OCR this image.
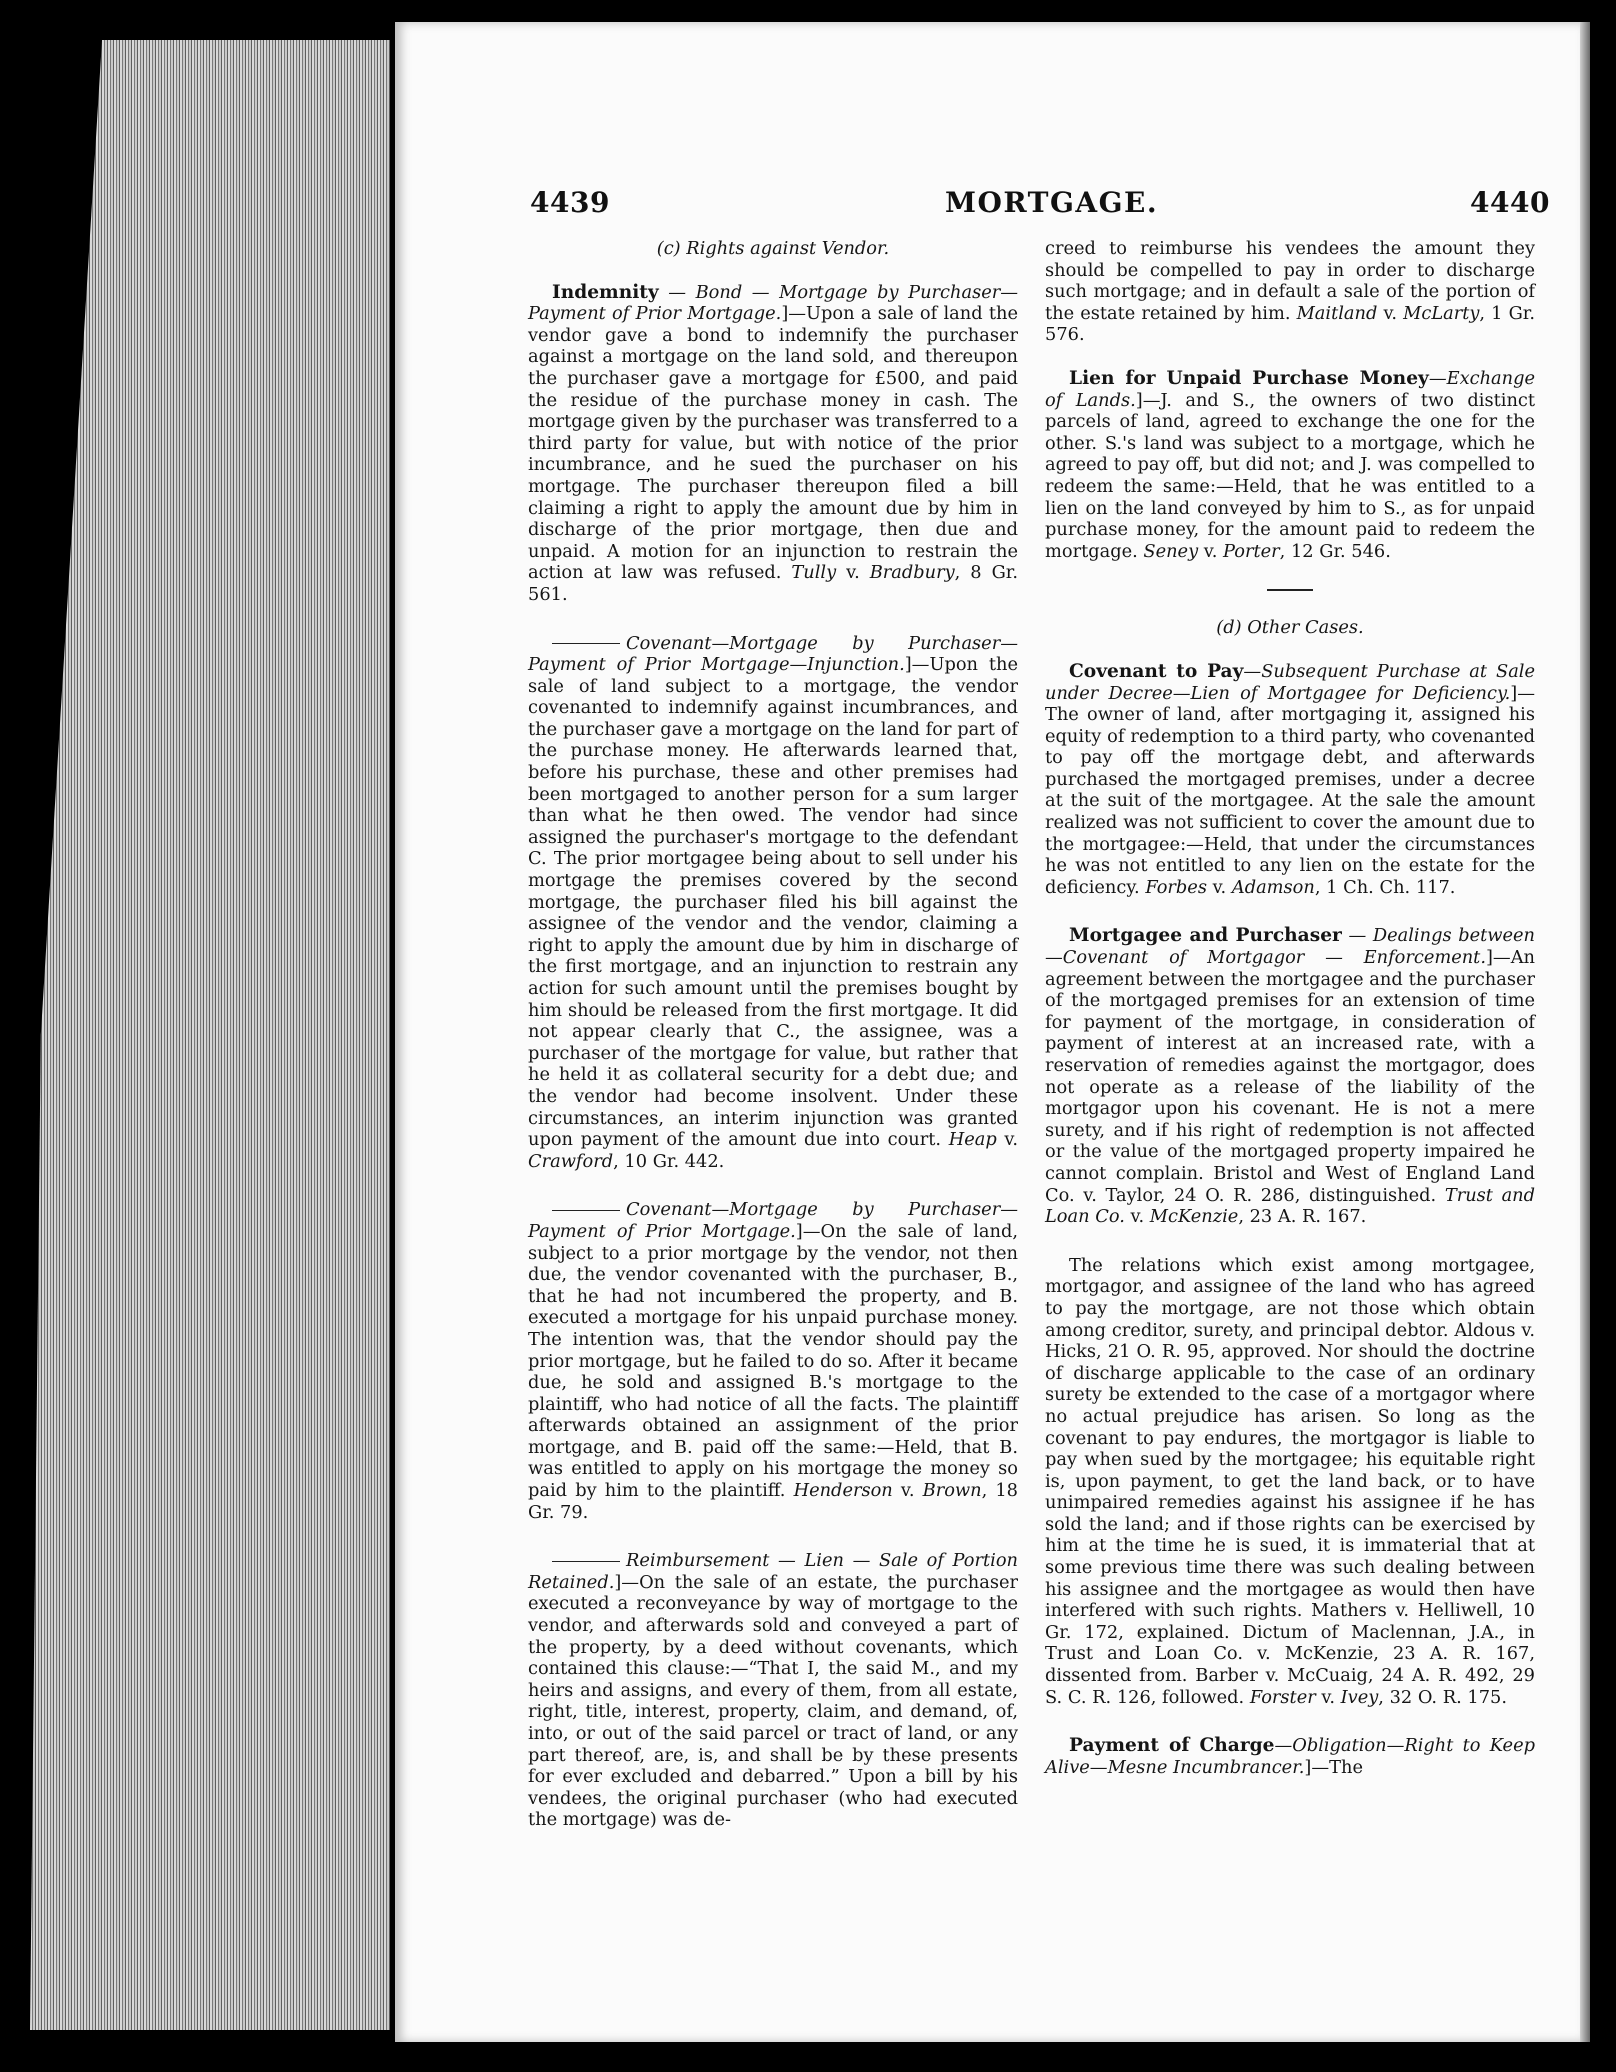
4439	MORTGAGE.	4440

(c) Rights against Vendor.

Indemnity — Bond — Mortgage by Purchaser—Payment of Prior Mortgage.]—Upon a sale of land the vendor gave a bond to indemnify the purchaser against a mortgage on the land sold, and thereupon the purchaser gave a mortgage for £500, and paid the residue of the purchase money in cash. The mortgage given by the purchaser was transferred to a third party for value, but with notice of the prior incumbrance, and he sued the purchaser on his mortgage. The purchaser thereupon filed a bill claiming a right to apply the amount due by him in discharge of the prior mortgage, then due and unpaid. A motion for an injunction to restrain the action at law was refused. Tully v. Bradbury, 8 Gr. 561.

Covenant—Mortgage by Purchaser—Payment of Prior Mortgage—Injunction.]—Upon the sale of land subject to a mortgage, the vendor covenanted to indemnify against incumbrances, and the purchaser gave a mortgage on the land for part of the purchase money. He afterwards learned that, before his purchase, these and other premises had been mortgaged to another person for a sum larger than what he then owed. The vendor had since assigned the purchaser's mortgage to the defendant C. The prior mortgagee being about to sell under his mortgage the premises covered by the second mortgage, the purchaser filed his bill against the assignee of the vendor and the vendor, claiming a right to apply the amount due by him in discharge of the first mortgage, and an injunction to restrain any action for such amount until the premises bought by him should be released from the first mortgage. It did not appear clearly that C., the assignee, was a purchaser of the mortgage for value, but rather that he held it as collateral security for a debt due; and the vendor had become insolvent. Under these circumstances, an interim injunction was granted upon payment of the amount due into court. Heap v. Crawford, 10 Gr. 442.

Covenant—Mortgage by Purchaser—Payment of Prior Mortgage.]—On the sale of land, subject to a prior mortgage by the vendor, not then due, the vendor covenanted with the purchaser, B., that he had not incumbered the property, and B. executed a mortgage for his unpaid purchase money. The intention was, that the vendor should pay the prior mortgage, but he failed to do so. After it became due, he sold and assigned B.'s mortgage to the plaintiff, who had notice of all the facts. The plaintiff afterwards obtained an assignment of the prior mortgage, and B. paid off the same:—Held, that B. was entitled to apply on his mortgage the money so paid by him to the plaintiff. Henderson v. Brown, 18 Gr. 79.

Reimbursement — Lien — Sale of Portion Retained.]—On the sale of an estate, the purchaser executed a reconveyance by way of mortgage to the vendor, and afterwards sold and conveyed a part of the property, by a deed without covenants, which contained this clause:—“That I, the said M., and my heirs and assigns, and every of them, from all estate, right, title, interest, property, claim, and demand, of, into, or out of the said parcel or tract of land, or any part thereof, are, is, and shall be by these presents for ever excluded and debarred.” Upon a bill by his vendees, the original purchaser (who had executed the mortgage) was de-

creed to reimburse his vendees the amount they should be compelled to pay in order to discharge such mortgage; and in default a sale of the portion of the estate retained by him. Maitland v. McLarty, 1 Gr. 576.

Lien for Unpaid Purchase Money—Exchange of Lands.]—J. and S., the owners of two distinct parcels of land, agreed to exchange the one for the other. S.'s land was subject to a mortgage, which he agreed to pay off, but did not; and J. was compelled to redeem the same:—Held, that he was entitled to a lien on the land conveyed by him to S., as for unpaid purchase money, for the amount paid to redeem the mortgage. Seney v. Porter, 12 Gr. 546.

(d) Other Cases.

Covenant to Pay—Subsequent Purchase at Sale under Decree—Lien of Mortgagee for Deficiency.]—The owner of land, after mortgaging it, assigned his equity of redemption to a third party, who covenanted to pay off the mortgage debt, and afterwards purchased the mortgaged premises, under a decree at the suit of the mortgagee. At the sale the amount realized was not sufficient to cover the amount due to the mortgagee:—Held, that under the circumstances he was not entitled to any lien on the estate for the deficiency. Forbes v. Adamson, 1 Ch. Ch. 117.

Mortgagee and Purchaser — Dealings between—Covenant of Mortgagor — Enforcement.]—An agreement between the mortgagee and the purchaser of the mortgaged premises for an extension of time for payment of the mortgage, in consideration of payment of interest at an increased rate, with a reservation of remedies against the mortgagor, does not operate as a release of the liability of the mortgagor upon his covenant. He is not a mere surety, and if his right of redemption is not affected or the value of the mortgaged property impaired he cannot complain. Bristol and West of England Land Co. v. Taylor, 24 O. R. 286, distinguished. Trust and Loan Co. v. McKenzie, 23 A. R. 167.

The relations which exist among mortgagee, mortgagor, and assignee of the land who has agreed to pay the mortgage, are not those which obtain among creditor, surety, and principal debtor. Aldous v. Hicks, 21 O. R. 95, approved. Nor should the doctrine of discharge applicable to the case of an ordinary surety be extended to the case of a mortgagor where no actual prejudice has arisen. So long as the covenant to pay endures, the mortgagor is liable to pay when sued by the mortgagee; his equitable right is, upon payment, to get the land back, or to have unimpaired remedies against his assignee if he has sold the land; and if those rights can be exercised by him at the time he is sued, it is immaterial that at some previous time there was such dealing between his assignee and the mortgagee as would then have interfered with such rights. Mathers v. Helliwell, 10 Gr. 172, explained. Dictum of Maclennan, J.A., in Trust and Loan Co. v. McKenzie, 23 A. R. 167, dissented from. Barber v. McCuaig, 24 A. R. 492, 29 S. C. R. 126, followed. Forster v. Ivey, 32 O. R. 175.

Payment of Charge—Obligation—Right to Keep Alive—Mesne Incumbrancer.]—The
